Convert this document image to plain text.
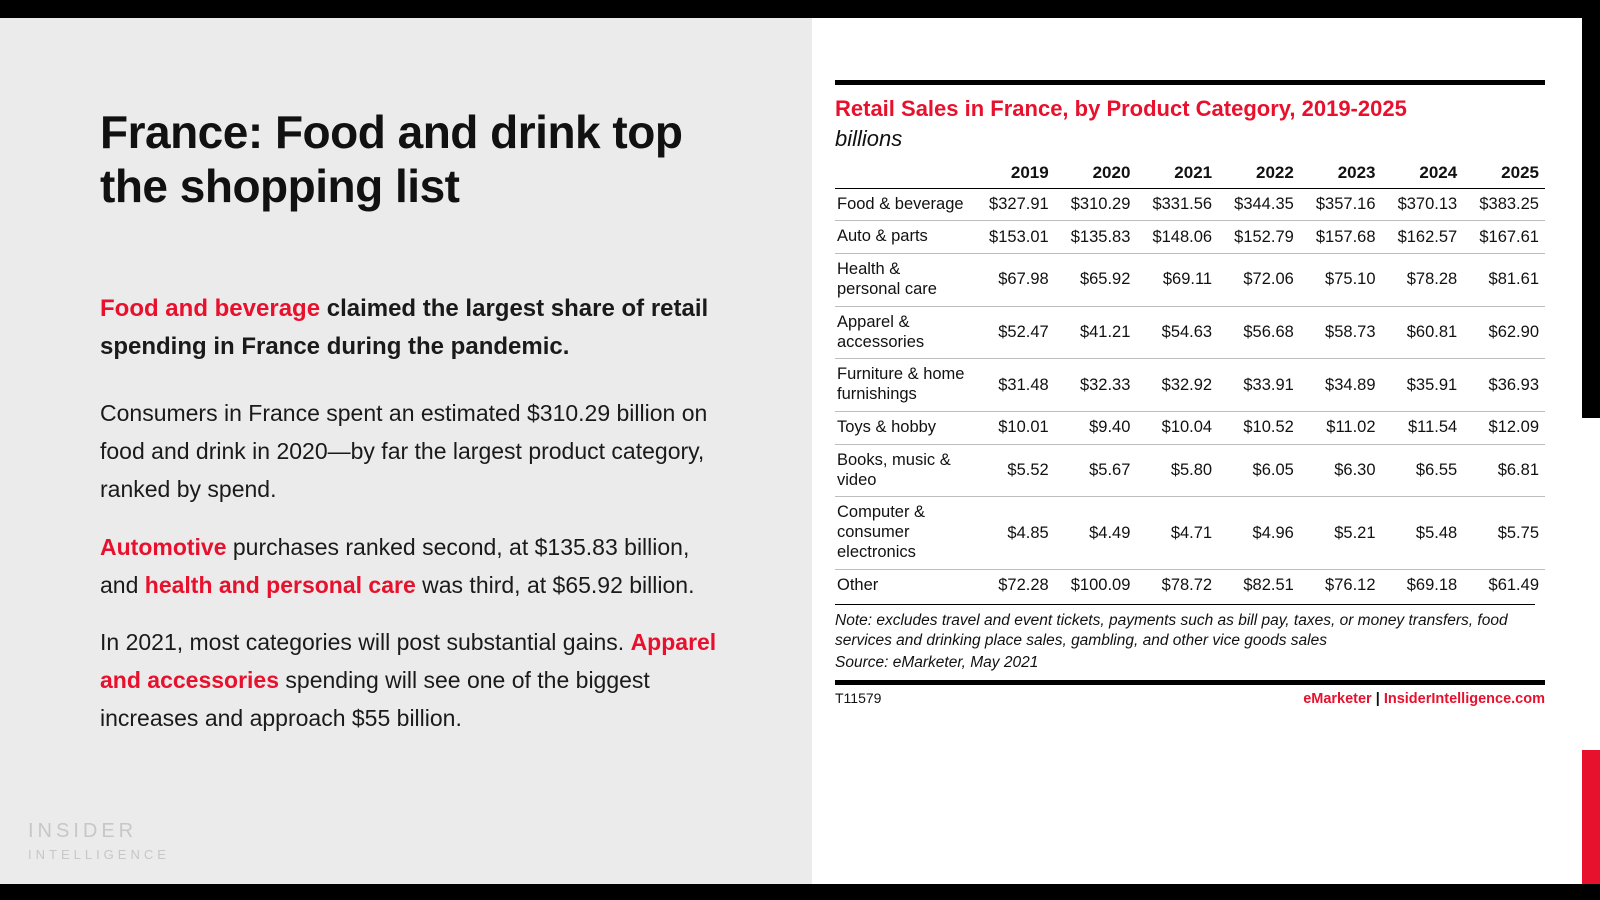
France: Food and drink top the shopping list
Food and beverage claimed the largest share of retail spending in France during the pandemic.
Consumers in France spent an estimated $310.29 billion on food and drink in 2020—by far the largest product category, ranked by spend.
Automotive purchases ranked second, at $135.83 billion, and health and personal care was third, at $65.92 billion.
In 2021, most categories will post substantial gains. Apparel and accessories spending will see one of the biggest increases and approach $55 billion.
INSIDER
INTELLIGENCE
Retail Sales in France, by Product Category, 2019-2025
billions
	2019	2020	2021	2022	2023	2024	2025
Food & beverage	$327.91	$310.29	$331.56	$344.35	$357.16	$370.13	$383.25
Auto & parts	$153.01	$135.83	$148.06	$152.79	$157.68	$162.57	$167.61
Health & personal care	$67.98	$65.92	$69.11	$72.06	$75.10	$78.28	$81.61
Apparel & accessories	$52.47	$41.21	$54.63	$56.68	$58.73	$60.81	$62.90
Furniture & home furnishings	$31.48	$32.33	$32.92	$33.91	$34.89	$35.91	$36.93
Toys & hobby	$10.01	$9.40	$10.04	$10.52	$11.02	$11.54	$12.09
Books, music & video	$5.52	$5.67	$5.80	$6.05	$6.30	$6.55	$6.81
Computer & consumer electronics	$4.85	$4.49	$4.71	$4.96	$5.21	$5.48	$5.75
Other	$72.28	$100.09	$78.72	$82.51	$76.12	$69.18	$61.49
Note: excludes travel and event tickets, payments such as bill pay, taxes, or money transfers, food services and drinking place sales, gambling, and other vice goods sales
Source: eMarketer, May 2021
T11579	eMarketer | InsiderIntelligence.com
